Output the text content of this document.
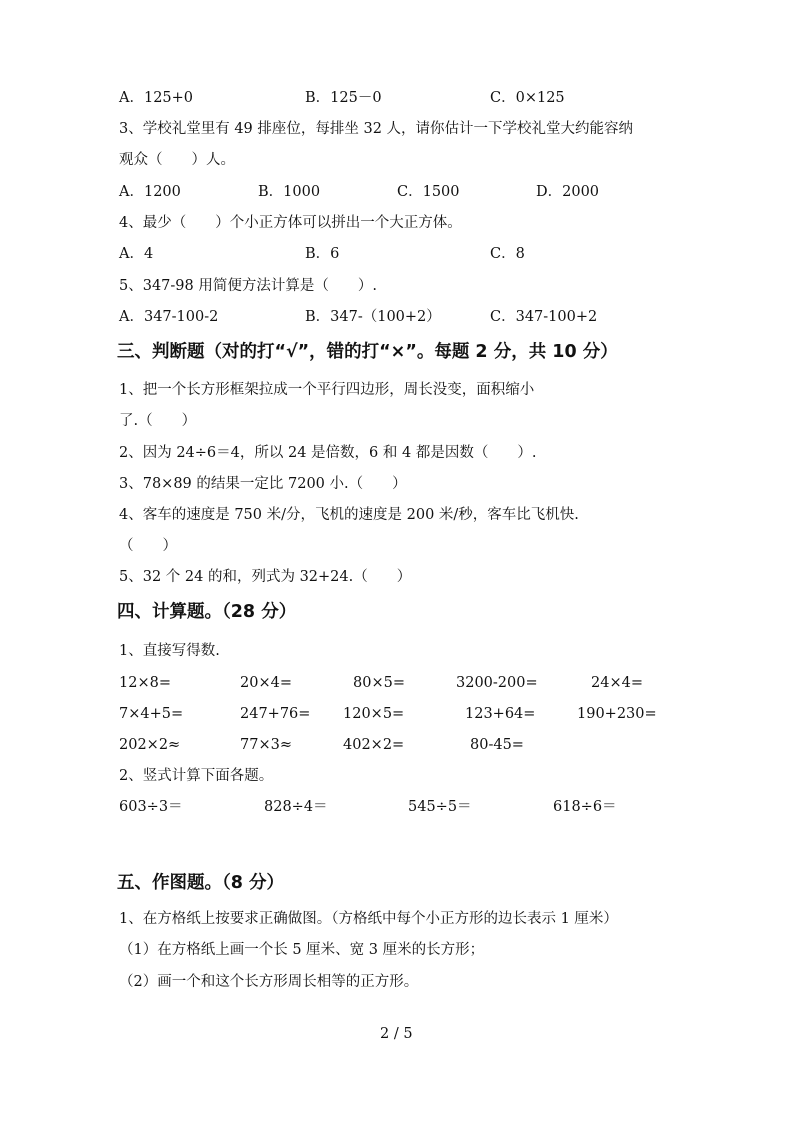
A．125+0	B．125－0	C．0×125
3、学校礼堂里有 49 排座位，每排坐 32 人，请你估计一下学校礼堂大约能容纳
观众（　　）人。
A．1200	B．1000	C．1500	D．2000
4、最少（　　）个小正方体可以拼出一个大正方体。
A．4	B．6	C．8
5、347-98 用简便方法计算是（　　）.
A．347-100-2	B．347-（100+2）	C．347-100+2
三、判断题（对的打“√”，错的打“×”。每题 2 分，共 10 分）
1、把一个长方形框架拉成一个平行四边形，周长没变，面积缩小
了.（　　）
2、因为 24÷6＝4，所以 24 是倍数，6 和 4 都是因数（　　）.
3、78×89 的结果一定比 7200 小.（　　）
4、客车的速度是 750 米/分，飞机的速度是 200 米/秒，客车比飞机快.
（　　）
5、32 个 24 的和，列式为 32+24.（　　）
四、计算题。（28 分）
1、直接写得数.
12×8=	20×4=	80×5=	3200-200=	24×4=
7×4+5=	247+76= 120×5=	123+64=	190+230=
202×2≈	77×3≈	402×2=	80-45=
2、竖式计算下面各题。
603÷3＝	828÷4＝	545÷5＝	618÷6＝
五、作图题。（8 分）
1、在方格纸上按要求正确做图。（方格纸中每个小正方形的边长表示 1 厘米）
（1）在方格纸上画一个长 5 厘米、宽 3 厘米的长方形；
（2）画一个和这个长方形周长相等的正方形。
2 / 5
